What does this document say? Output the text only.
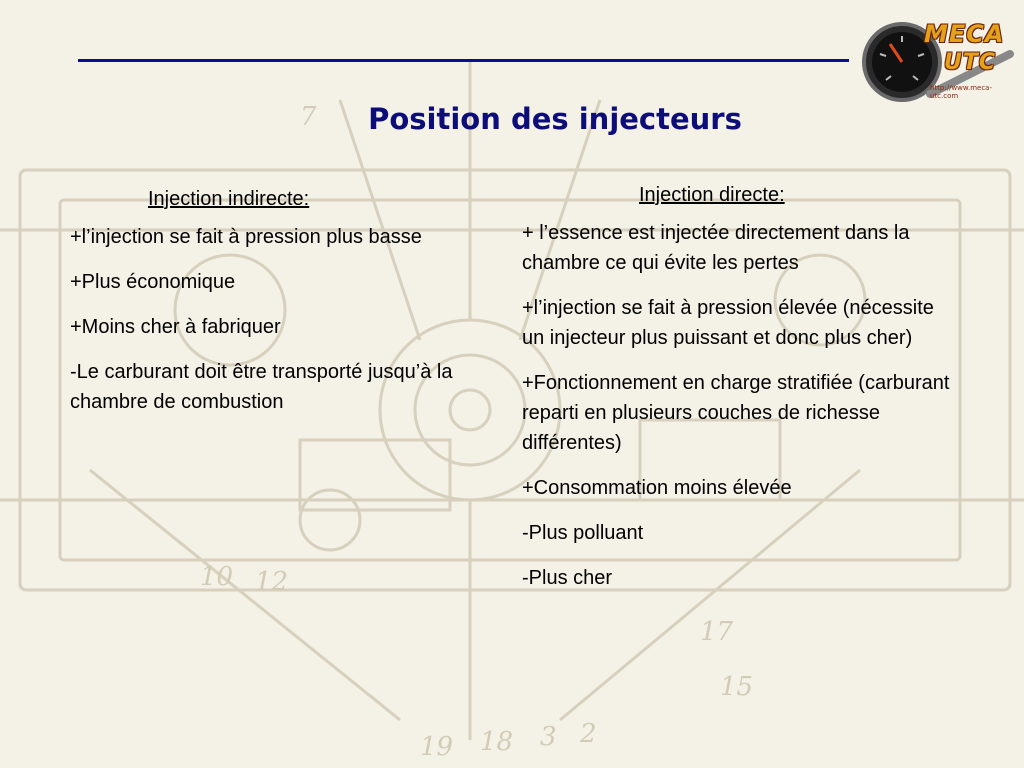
7
10 12
19 18 3 2
17
15
MECA
UTC
http://www.meca-utc.com
Position des injecteurs
Injection indirecte:
+l’injection se fait à pression plus basse
+Plus économique
+Moins cher à fabriquer
-Le carburant doit être transporté jusqu’à la chambre de combustion
Injection directe:
+ l’essence est injectée directement dans la chambre ce qui évite les pertes
+l’injection se fait à pression élevée (nécessite un injecteur plus puissant et donc plus cher)
+Fonctionnement en charge stratifiée (carburant reparti en plusieurs couches de richesse différentes)
+Consommation moins élevée
-Plus polluant
-Plus cher
